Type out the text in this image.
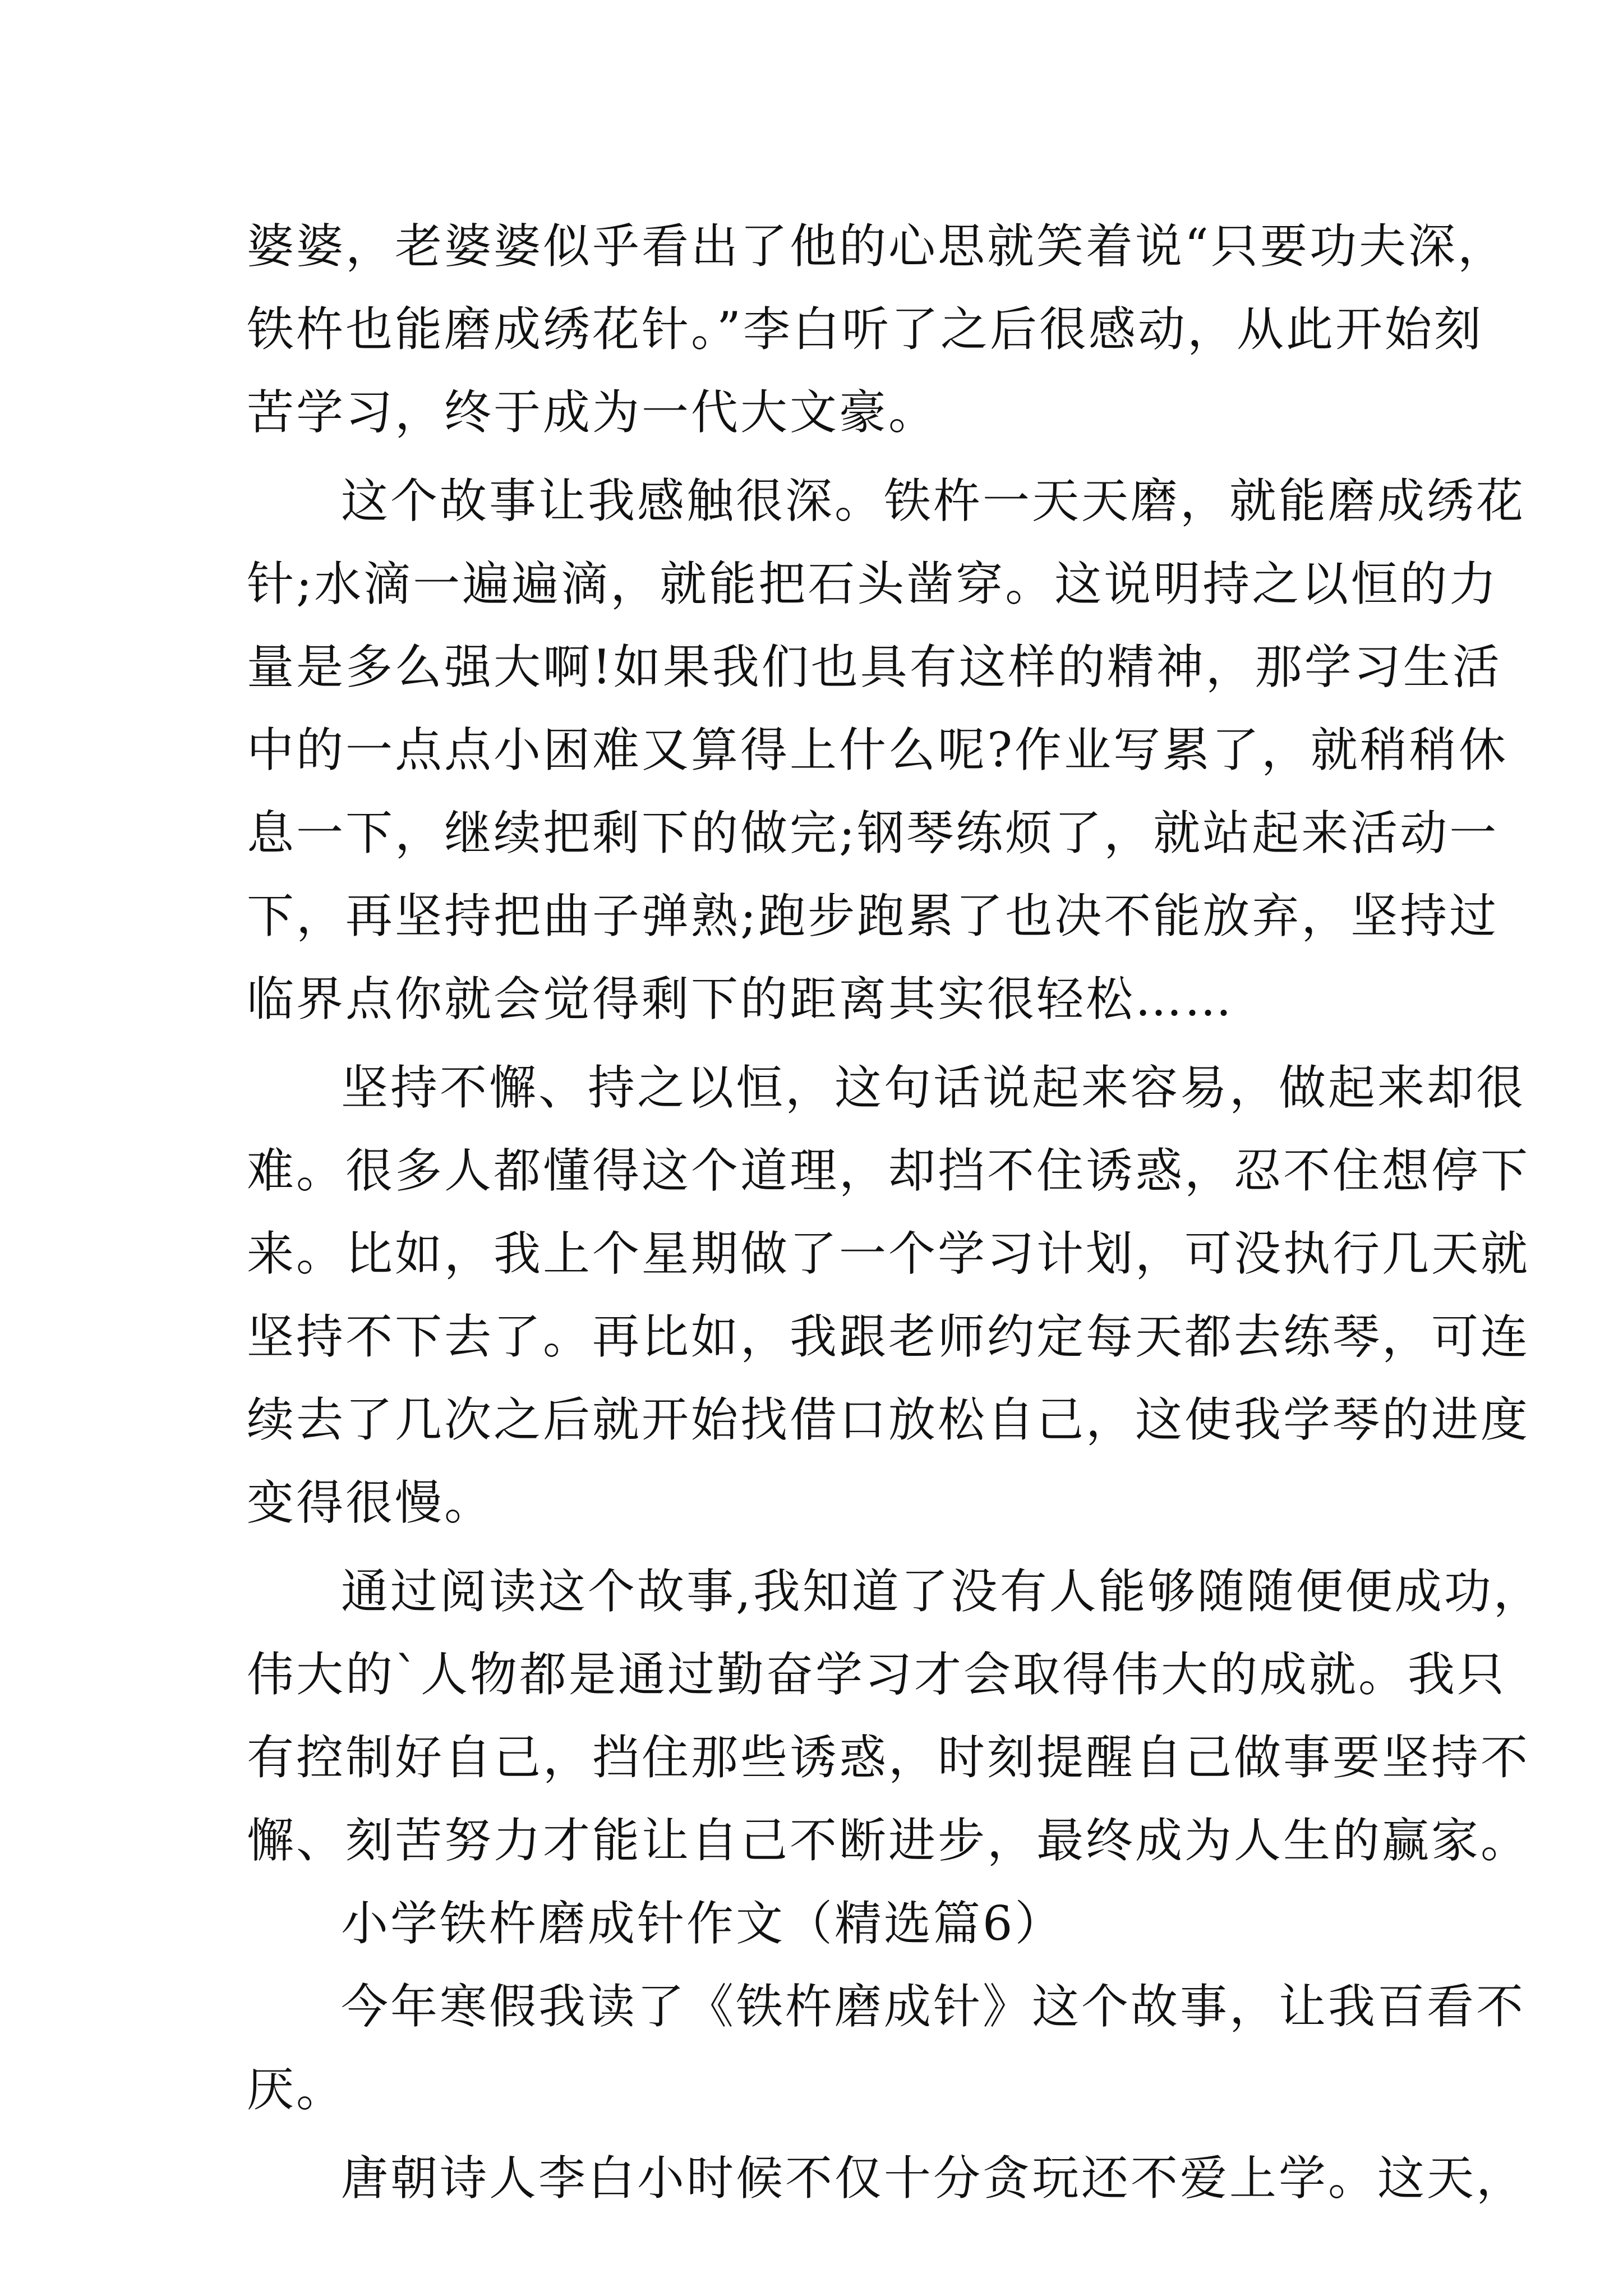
婆婆，老婆婆似乎看出了他的心思就笑着说“只要功夫深，
铁杵也能磨成绣花针。”李白听了之后很感动，从此开始刻
苦学习，终于成为一代大文豪。

这个故事让我感触很深。铁杵一天天磨，就能磨成绣花
针;水滴一遍遍滴，就能把石头凿穿。这说明持之以恒的力
量是多么强大啊!如果我们也具有这样的精神，那学习生活
中的一点点小困难又算得上什么呢?作业写累了，就稍稍休
息一下，继续把剩下的做完;钢琴练烦了，就站起来活动一
下，再坚持把曲子弹熟;跑步跑累了也决不能放弃，坚持过
临界点你就会觉得剩下的距离其实很轻松……

坚持不懈、持之以恒，这句话说起来容易，做起来却很
难。很多人都懂得这个道理，却挡不住诱惑，忍不住想停下
来。比如，我上个星期做了一个学习计划，可没执行几天就
坚持不下去了。再比如，我跟老师约定每天都去练琴，可连
续去了几次之后就开始找借口放松自己，这使我学琴的进度
变得很慢。

通过阅读这个故事,我知道了没有人能够随随便便成功，
伟大的`人物都是通过勤奋学习才会取得伟大的成就。我只
有控制好自己，挡住那些诱惑，时刻提醒自己做事要坚持不
懈、刻苦努力才能让自己不断进步，最终成为人生的赢家。

小学铁杵磨成针作文（精选篇6）

今年寒假我读了《铁杵磨成针》这个故事，让我百看不
厌。

唐朝诗人李白小时候不仅十分贪玩还不爱上学。这天，
